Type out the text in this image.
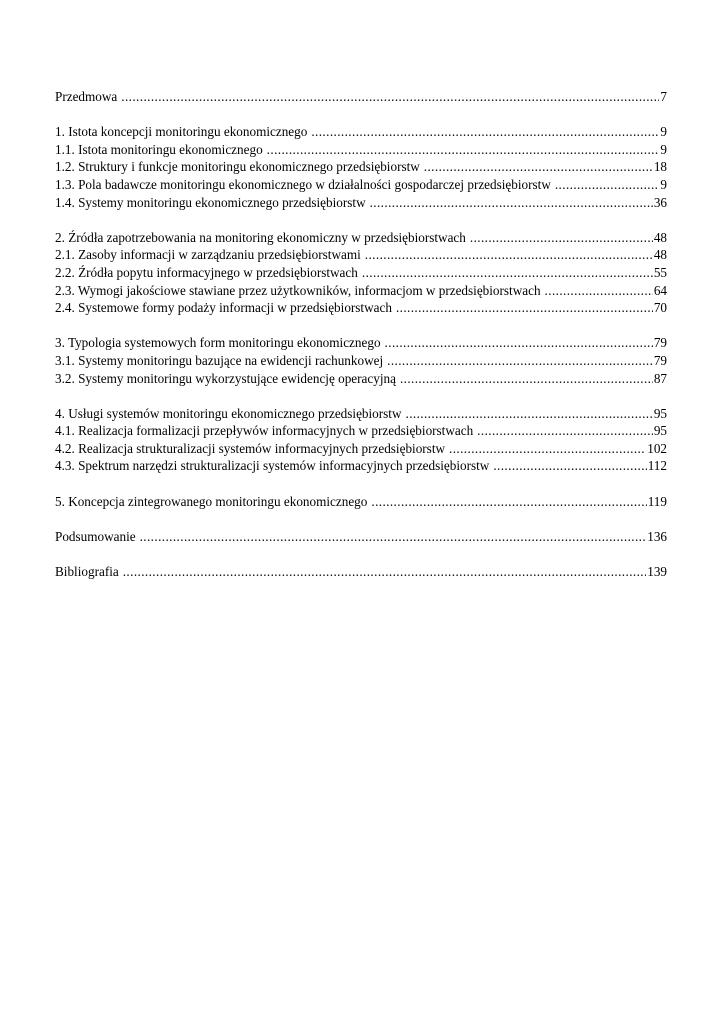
Przedmowa .....	7
1. Istota koncepcji monitoringu ekonomicznego .....	9
1.1. Istota monitoringu ekonomicznego .....	9
1.2. Struktury i funkcje monitoringu ekonomicznego przedsiębiorstw .....	18
1.3. Pola badawcze monitoringu ekonomicznego w działalności gospodarczej przedsiębiorstw .....	9
1.4. Systemy monitoringu ekonomicznego przedsiębiorstw .....	36
2. Źródła zapotrzebowania na monitoring ekonomiczny w przedsiębiorstwach .....	48
2.1. Zasoby informacji w zarządzaniu przedsiębiorstwami .....	48
2.2. Źródła popytu informacyjnego w przedsiębiorstwach .....	55
2.3. Wymogi jakościowe stawiane przez użytkowników, informacjom w przedsiębiorstwach .....	64
2.4. Systemowe formy podaży informacji w przedsiębiorstwach .....	70
3. Typologia systemowych form monitoringu ekonomicznego .....	79
3.1. Systemy monitoringu bazujące na ewidencji rachunkowej .....	79
3.2. Systemy monitoringu wykorzystujące ewidencję operacyjną .....	87
4. Usługi systemów monitoringu ekonomicznego przedsiębiorstw .....	95
4.1. Realizacja formalizacji przepływów informacyjnych w przedsiębiorstwach .....	95
4.2. Realizacja strukturalizacji systemów informacyjnych przedsiębiorstw .....	102
4.3. Spektrum narzędzi strukturalizacji systemów informacyjnych przedsiębiorstw .....	112
5. Koncepcja zintegrowanego monitoringu ekonomicznego .....	119
Podsumowanie .....	136
Bibliografia .....	139
